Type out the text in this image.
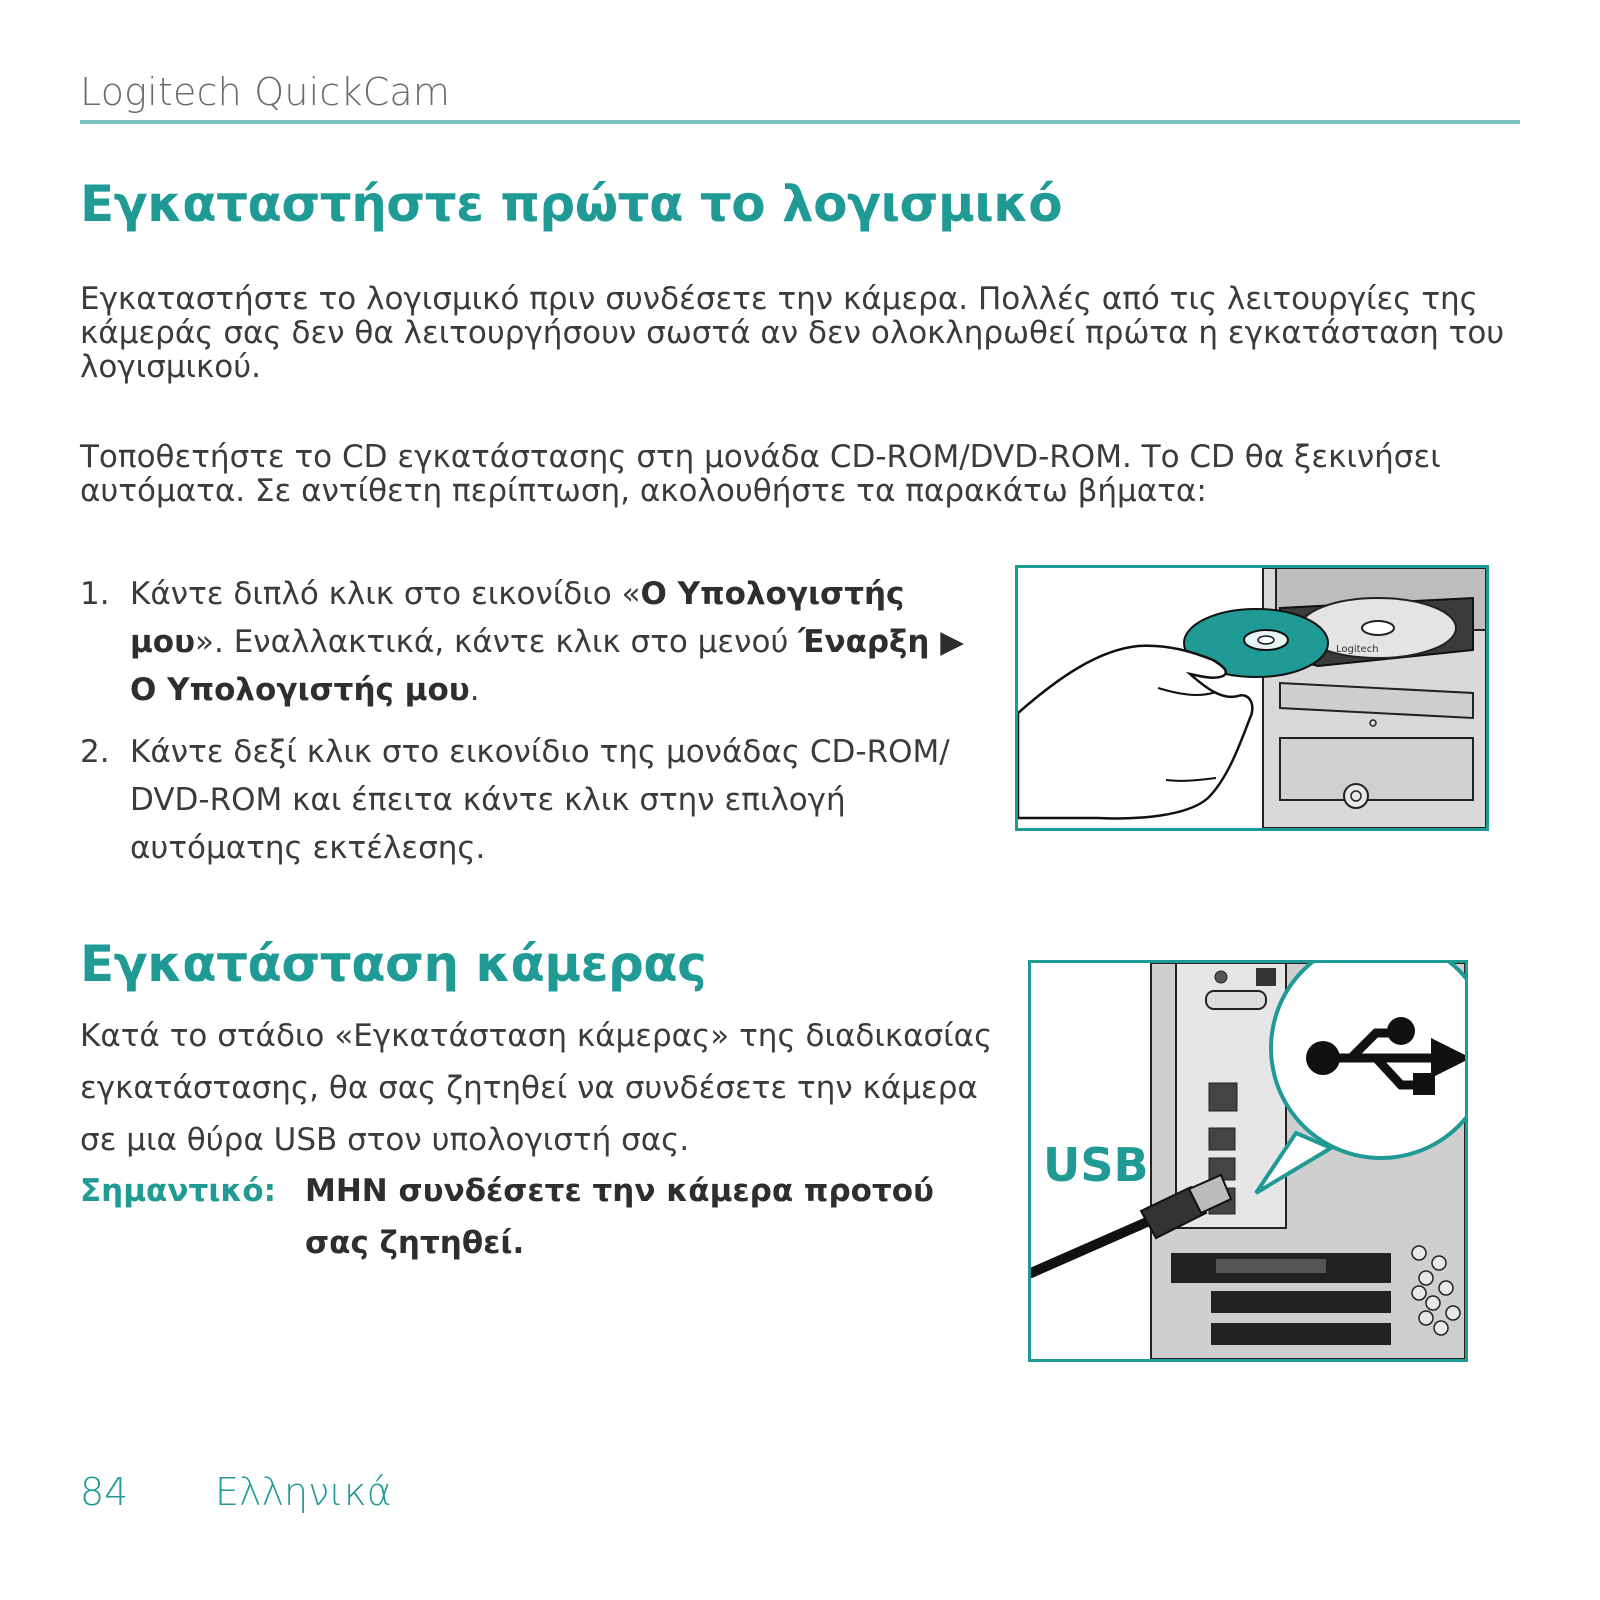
Logitech QuickCam
Εγκαταστήστε πρώτα το λογισμικό

Εγκαταστήστε το λογισμικό πριν συνδέσετε την κάμερα. Πολλές από τις λειτουργίες της κάμεράς σας δεν θα λειτουργήσουν σωστά αν δεν ολοκληρωθεί πρώτα η εγκατάσταση του λογισμικού.

Τοποθετήστε το CD εγκατάστασης στη μονάδα CD-ROM/DVD-ROM. Το CD θα ξεκινήσει αυτόματα. Σε αντίθετη περίπτωση, ακολουθήστε τα παρακάτω βήματα:

1. Κάντε διπλό κλικ στο εικονίδιο «Ο Υπολογιστής μου». Εναλλακτικά, κάντε κλικ στο μενού Έναρξη ▶ Ο Υπολογιστής μου.
2. Κάντε δεξί κλικ στο εικονίδιο της μονάδας CD-ROM/ DVD-ROM και έπειτα κάντε κλικ στην επιλογή αυτόματης εκτέλεσης.
Logitech
Εγκατάσταση κάμερας

Κατά το στάδιο «Εγκατάσταση κάμερας» της διαδικασίας εγκατάστασης, θα σας ζητηθεί να συνδέσετε την κάμερα σε μια θύρα USB στον υπολογιστή σας.

Σημαντικό: ΜΗΝ συνδέσετε την κάμερα προτού σας ζητηθεί.
USB
84 Ελληνικά
